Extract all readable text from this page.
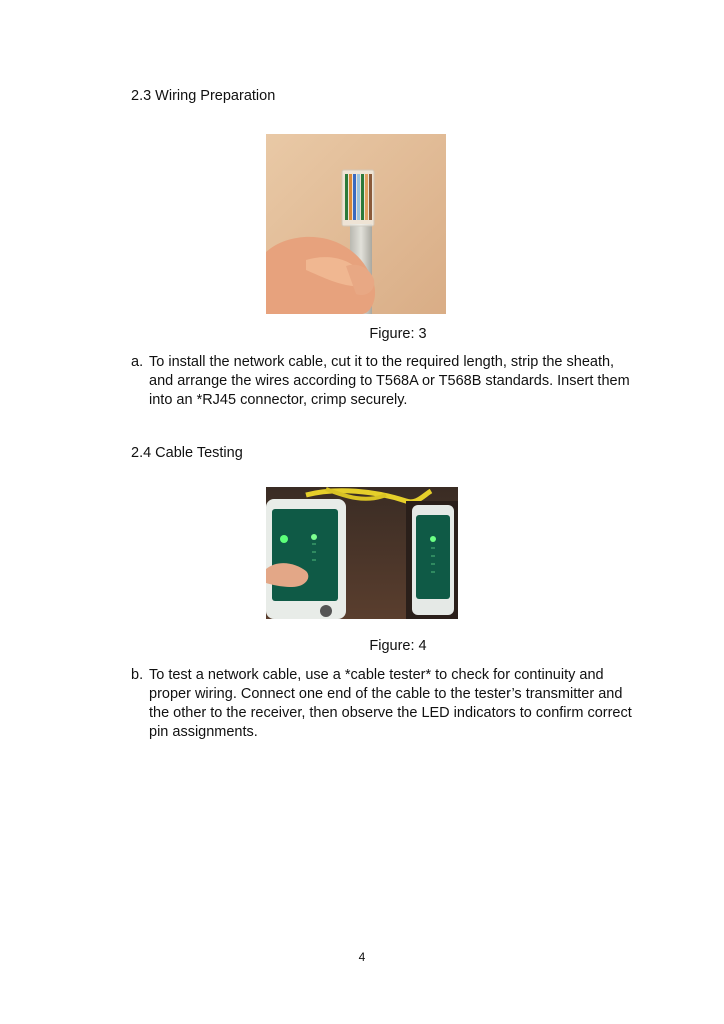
2.3 Wiring Preparation
Figure: 3
a. To install the network cable, cut it to the required length, strip the sheath, and arrange the wires according to T568A or T568B standards. Insert them into an *RJ45 connector, crimp securely.
2.4 Cable Testing
Figure: 4
b. To test a network cable, use a *cable tester* to check for continuity and proper wiring. Connect one end of the cable to the tester’s transmitter and the other to the receiver, then observe the LED indicators to confirm correct pin assignments.
4
